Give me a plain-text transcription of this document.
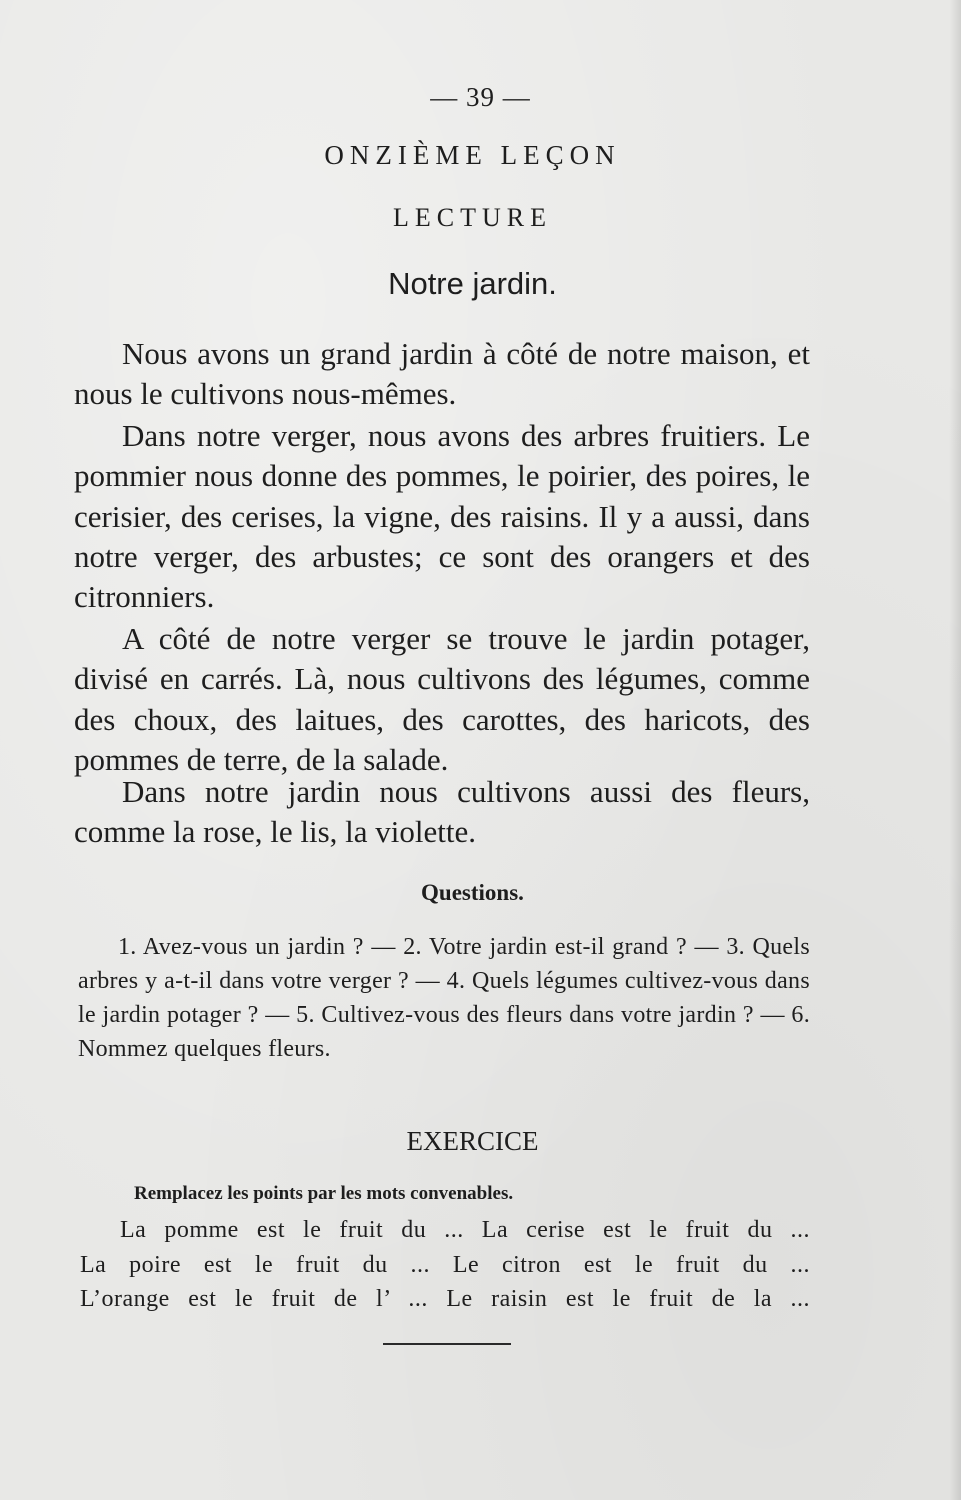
— 39 —

ONZIÈME LEÇON
LECTURE
Notre jardin.

Nous avons un grand jardin à côté de notre maison, et nous le cultivons nous-mêmes.

Dans notre verger, nous avons des arbres fruitiers. Le pommier nous donne des pommes, le poirier, des poires, le cerisier, des cerises, la vigne, des raisins. Il y a aussi, dans notre verger, des arbustes; ce sont des orangers et des citronniers.

A côté de notre verger se trouve le jardin potager, divisé en carrés. Là, nous cultivons des légumes, comme des choux, des laitues, des carottes, des haricots, des pommes de terre, de la salade.

Dans notre jardin nous cultivons aussi des fleurs, comme la rose, le lis, la violette.

Questions.

1. Avez-vous un jardin ? — 2. Votre jardin est-il grand ? — 3. Quels arbres y a-t-il dans votre verger ? — 4. Quels légumes cultivez-vous dans le jardin potager ? — 5. Cultivez-vous des fleurs dans votre jardin ? — 6. Nommez quelques fleurs.

EXERCICE

Remplacez les points par les mots convenables.

La pomme est le fruit du ... La cerise est le fruit du ...

La poire est le fruit du ... Le citron est le fruit du ...

L’orange est le fruit de l’ ... Le raisin est le fruit de la ...
